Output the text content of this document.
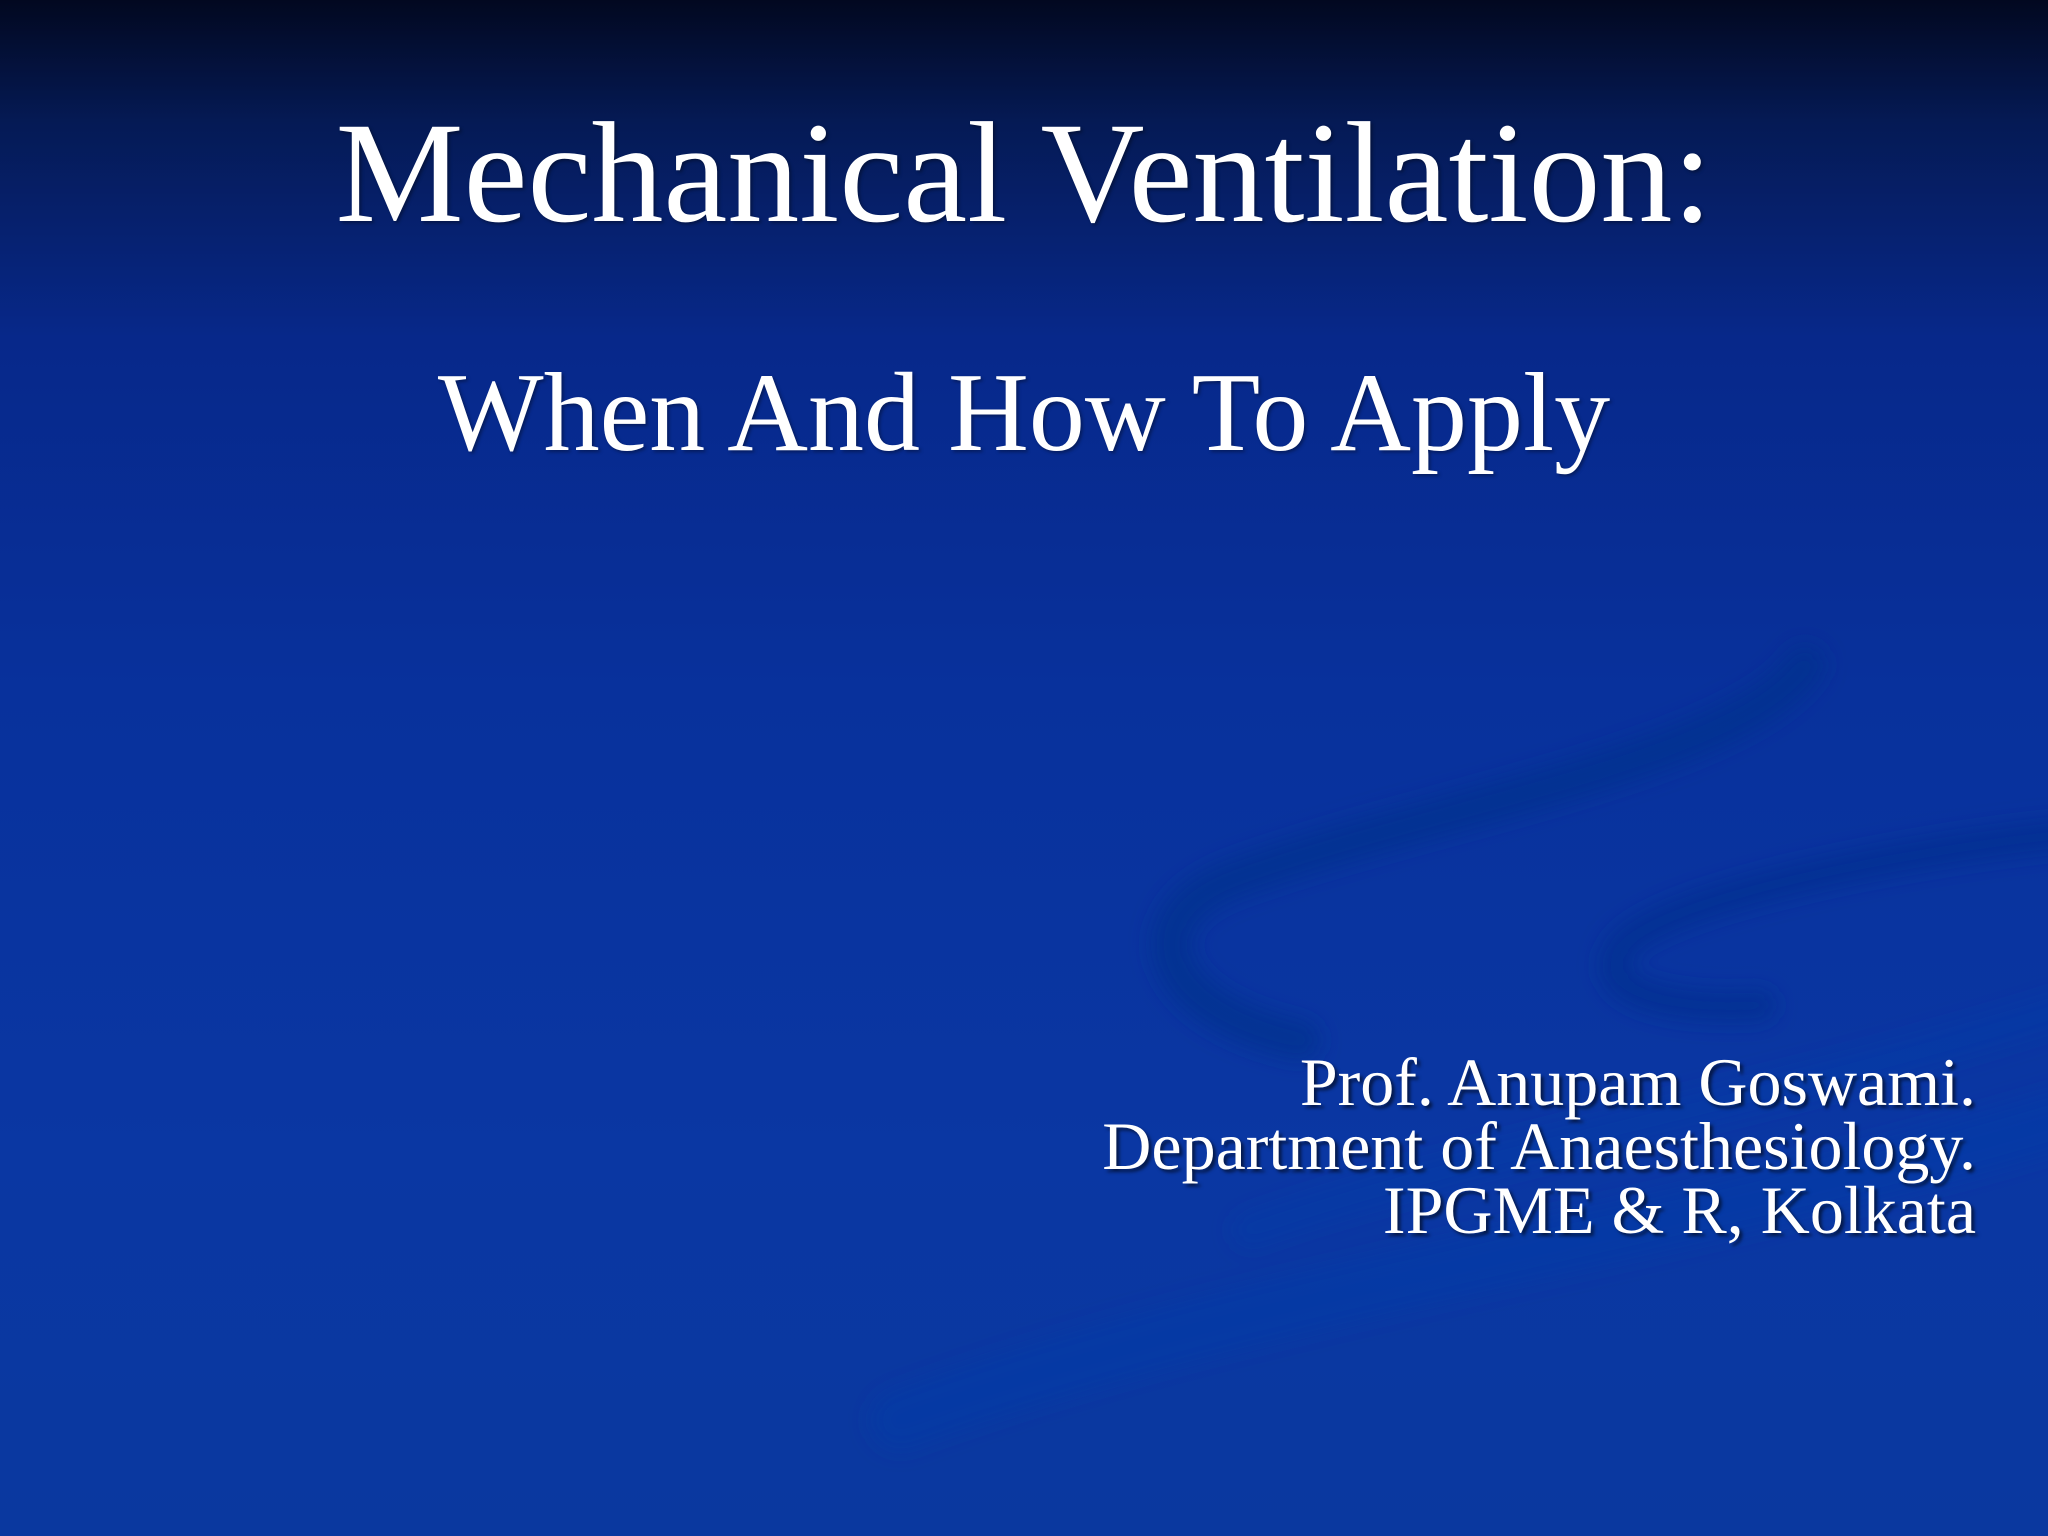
Mechanical Ventilation:
When And How To Apply
Prof. Anupam Goswami.
Department of Anaesthesiology.
IPGME & R, Kolkata
